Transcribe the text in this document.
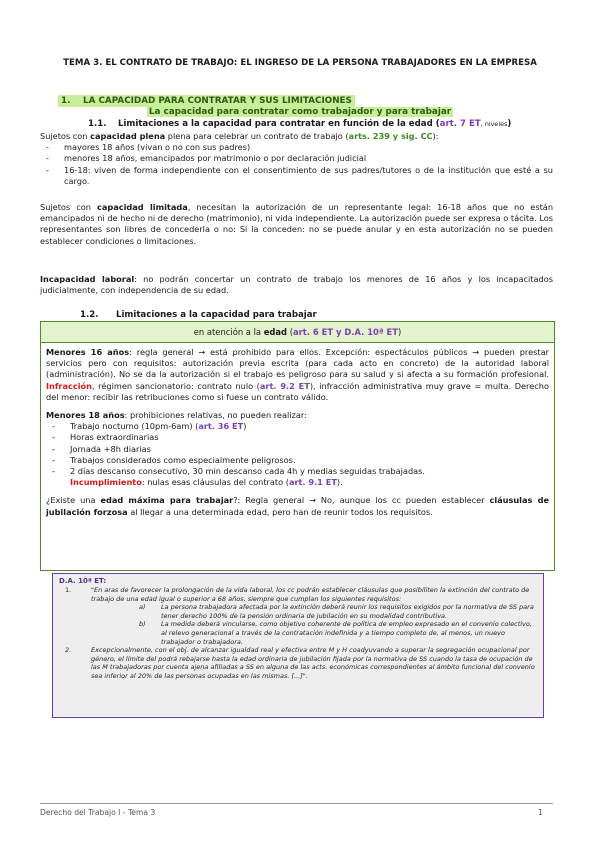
TEMA 3. EL CONTRATO DE TRABAJO: EL INGRESO DE LA PERSONA TRABAJADORES EN LA EMPRESA
1. LA CAPACIDAD PARA CONTRATAR Y SUS LIMITACIONES
La capacidad para contratar como trabajador y para trabajar
1.1. Limitaciones a la capacidad para contratar en función de la edad (art. 7 ET, niveles)
Sujetos con capacidad plena plena para celebrar un contrato de trabajo (arts. 239 y sig. CC):
- mayores 18 años (vivan o no con sus padres)
- menores 18 años, emancipados por matrimonio o por declaración judicial
- 16-18: viven de forma independiente con el consentimiento de sus padres/tutores o de la institución que esté a su cargo.
Sujetos con capacidad limitada, necesitan la autorización de un representante legal: 16-18 años que no están emancipados ni de hecho ni de derecho (matrimonio), ni vida independiente. La autorización puede ser expresa o tácita. Los representantes son libres de concederla o no: Sí la conceden: no se puede anular y en esta autorización no se pueden establecer condiciones o limitaciones.
Incapacidad laboral: no podrán concertar un contrato de trabajo los menores de 16 años y los incapacitados judicialmente, con independencia de su edad.
1.2. Limitaciones a la capacidad para trabajar
en atención a la edad (art. 6 ET y D.A. 10ª ET)
Menores 16 años: regla general → está prohibido para ellos. Excepción: espectáculos públicos → pueden prestar servicios pero con requisitos: autorización previa escrita (para cada acto en concreto) de la autoridad laboral (administración). No se da la autorización si el trabajo es peligroso para su salud y si afecta a su formación profesional. Infracción, régimen sancionatorio: contrato nulo (art. 9.2 ET), infracción administrativa muy grave = multa. Derecho del menor: recibir las retribuciones como si fuese un contrato válido.
Menores 18 años: prohibiciones relativas, no pueden realizar:
- Trabajo nocturno (10pm-6am) (art. 36 ET)
- Horas extraordinarias
- Jornada +8h diarias
- Trabajos considerados como especialmente peligrosos.
- 2 días descanso consecutivo, 30 min descanso cada 4h y medias seguidas trabajadas.
Incumplimiento: nulas esas cláusulas del contrato (art. 9.1 ET).
¿Existe una edad máxima para trabajar?: Regla general → No, aunque los cc pueden establecer cláusulas de jubilación forzosa al llegar a una determinada edad, pero han de reunir todos los requisitos.
D.A. 10ª ET:
1.	"En aras de favorecer la prolongación de la vida laboral, los cc podrán establecer cláusulas que posibiliten la extinción del contrato de trabajo de una edad igual o superior a 68 años, siempre que cumplan los siguientes requisitos:
a)	La persona trabajadora afectada por la extinción deberá reunir los requisitos exigidos por la normativa de SS para tener derecho 100% de la pensión ordinaria de jubilación en su modalidad contributiva.
b)	La medida deberá vincularse, como objetivo coherente de política de empleo expresado en el convenio colectivo, al relevo generacional a través de la contratación indefinida y a tiempo completo de, al menos, un nuevo trabajador o trabajadora.
2.	Excepcionalmente, con el obj. de alcanzar igualdad real y efectiva entre M y H coadyuvando a superar la segregación ocupacional por género, el límite del podrá rebajarse hasta la edad ordinaria de jubilación fijada por la normativa de SS cuando la tasa de ocupación de las M trabajadoras por cuenta ajena afiliadas a SS en alguna de las acts. económicas correspondientes al ámbito funcional del convenio sea inferior al 20% de las personas ocupadas en las mismas. [...]".
Derecho del Trabajo I - Tema 3	1
